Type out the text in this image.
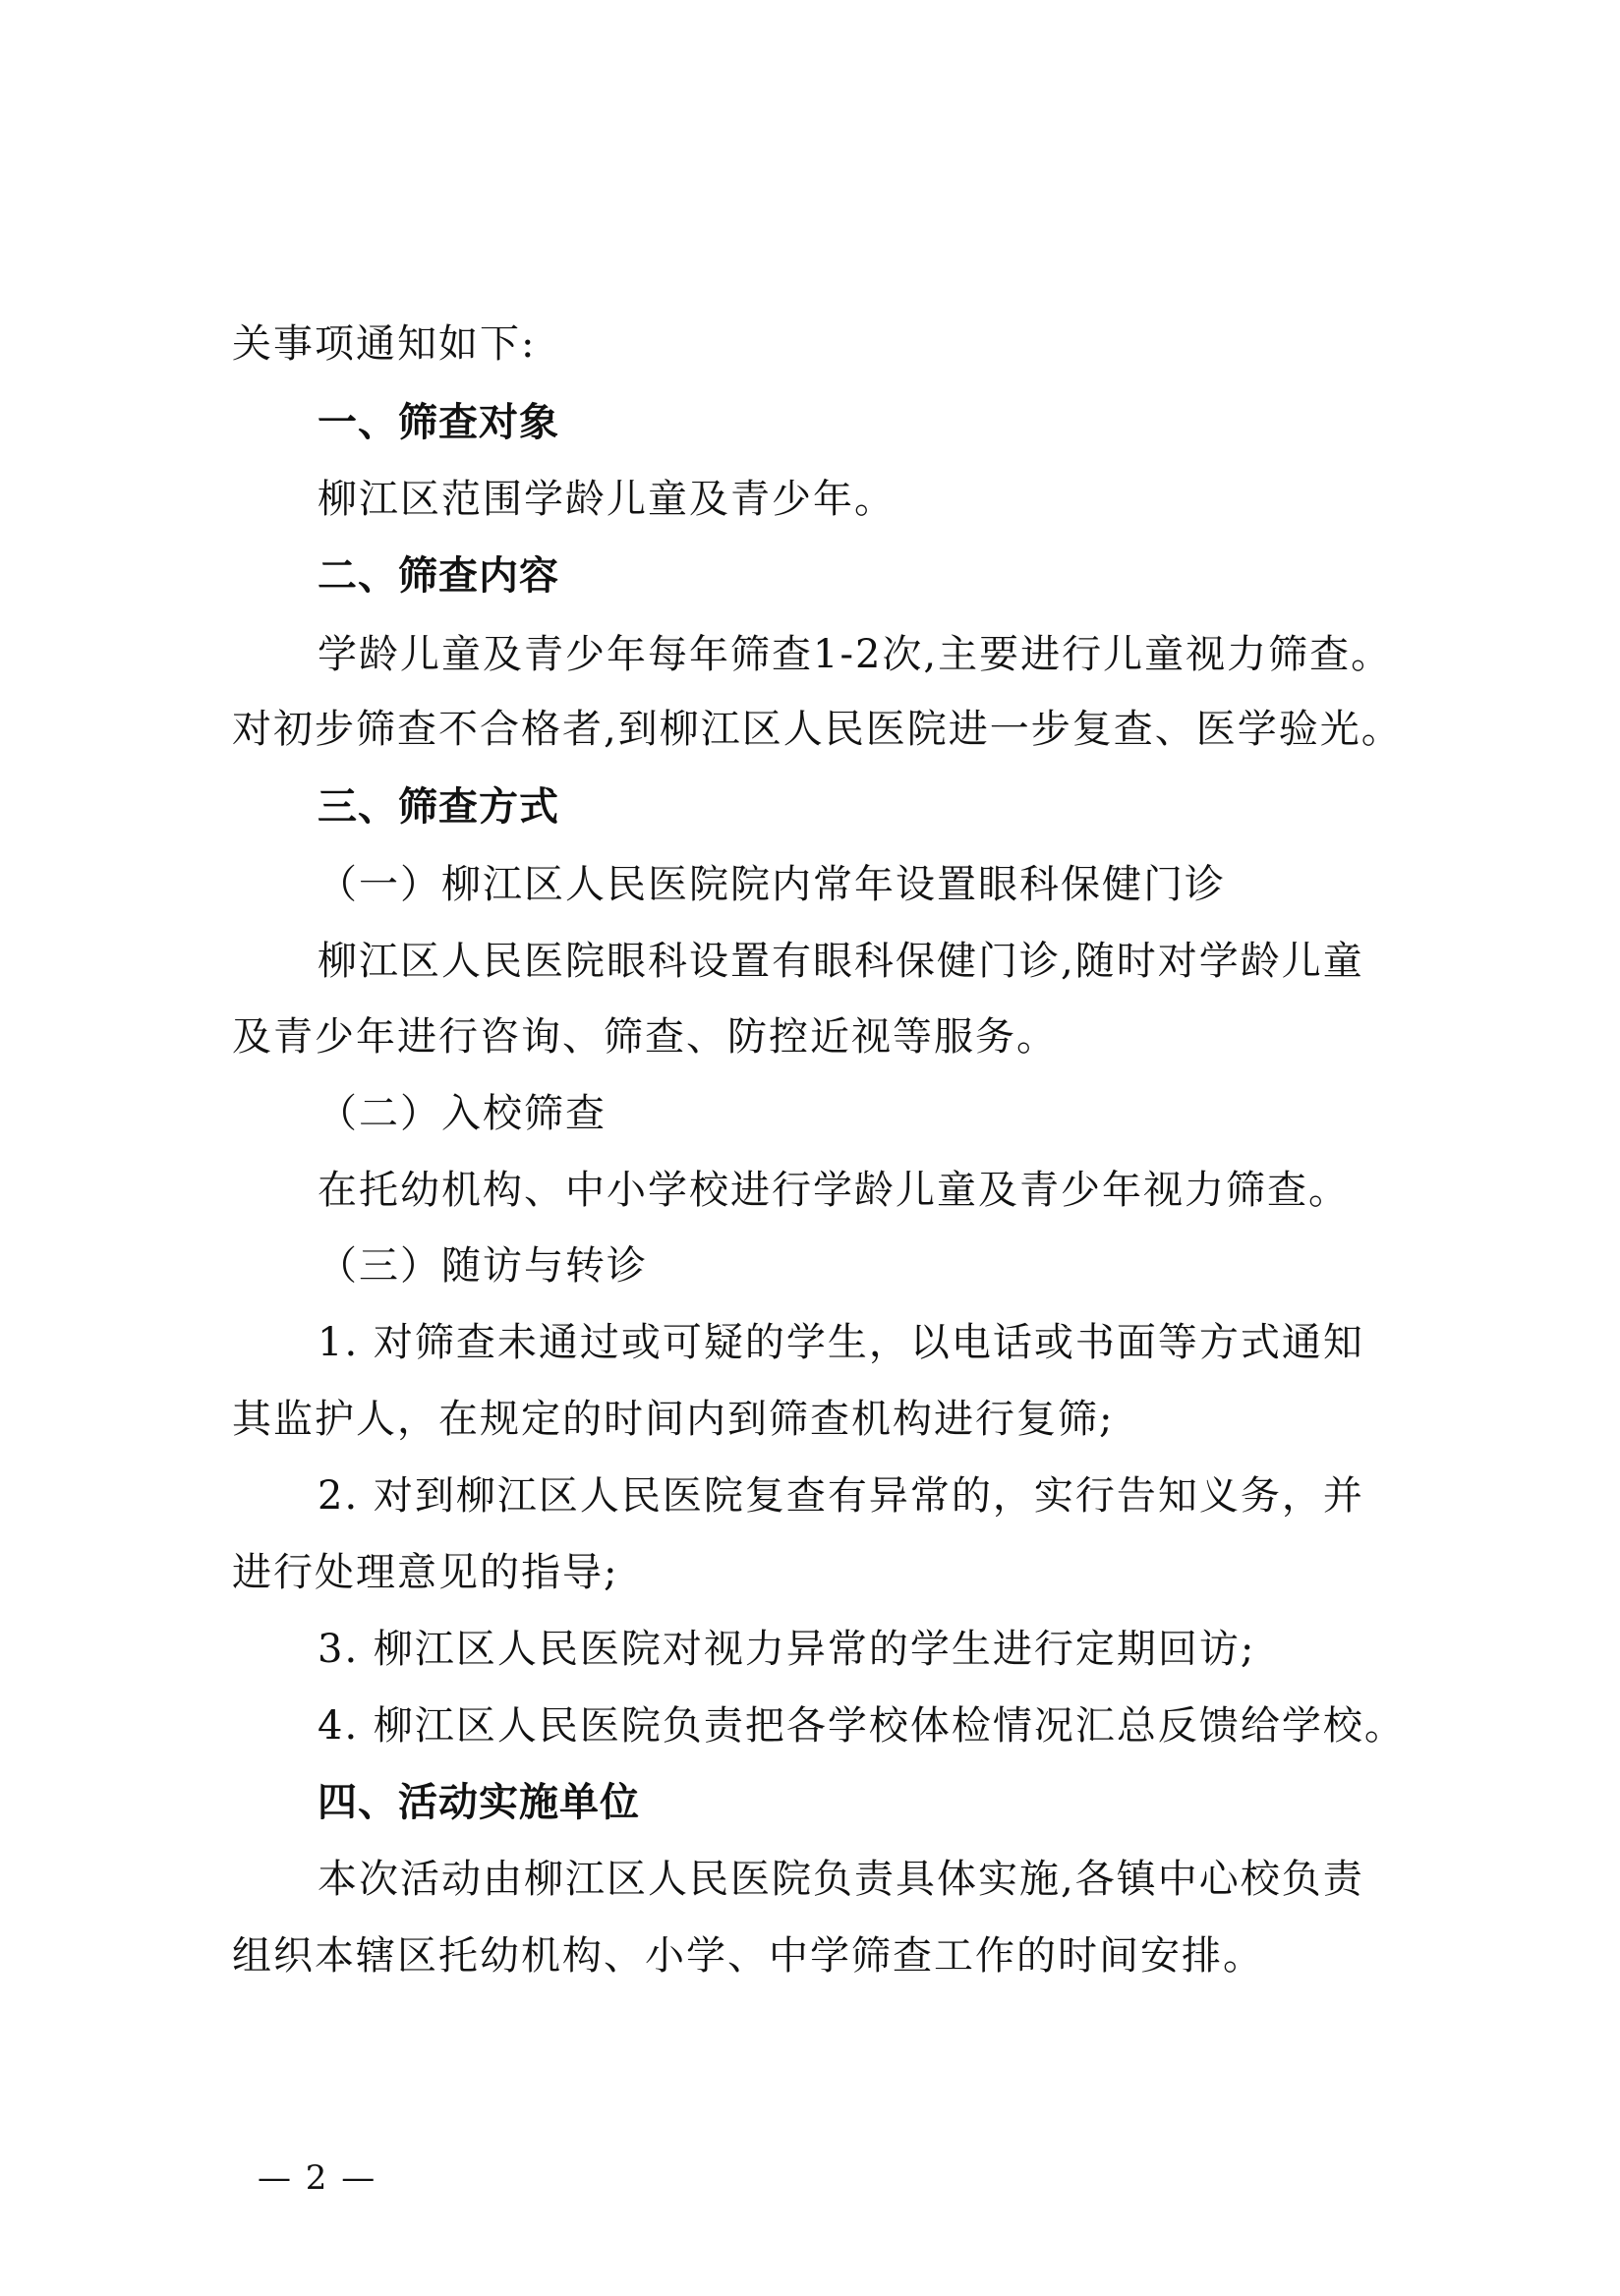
关事项通知如下:
一、筛查对象
柳江区范围学龄儿童及青少年。
二、筛查内容
学龄儿童及青少年每年筛查1-2次,主要进行儿童视力筛查。
对初步筛查不合格者,到柳江区人民医院进一步复查、医学验光。
三、筛查方式
（一）柳江区人民医院院内常年设置眼科保健门诊
柳江区人民医院眼科设置有眼科保健门诊,随时对学龄儿童
及青少年进行咨询、筛查、防控近视等服务。
（二）入校筛查
在托幼机构、中小学校进行学龄儿童及青少年视力筛查。
（三）随访与转诊
1. 对筛查未通过或可疑的学生，以电话或书面等方式通知
其监护人，在规定的时间内到筛查机构进行复筛;
2. 对到柳江区人民医院复查有异常的，实行告知义务，并
进行处理意见的指导;
3. 柳江区人民医院对视力异常的学生进行定期回访;
4. 柳江区人民医院负责把各学校体检情况汇总反馈给学校。
四、活动实施单位
本次活动由柳江区人民医院负责具体实施,各镇中心校负责
组织本辖区托幼机构、小学、中学筛查工作的时间安排。
— 2 —
